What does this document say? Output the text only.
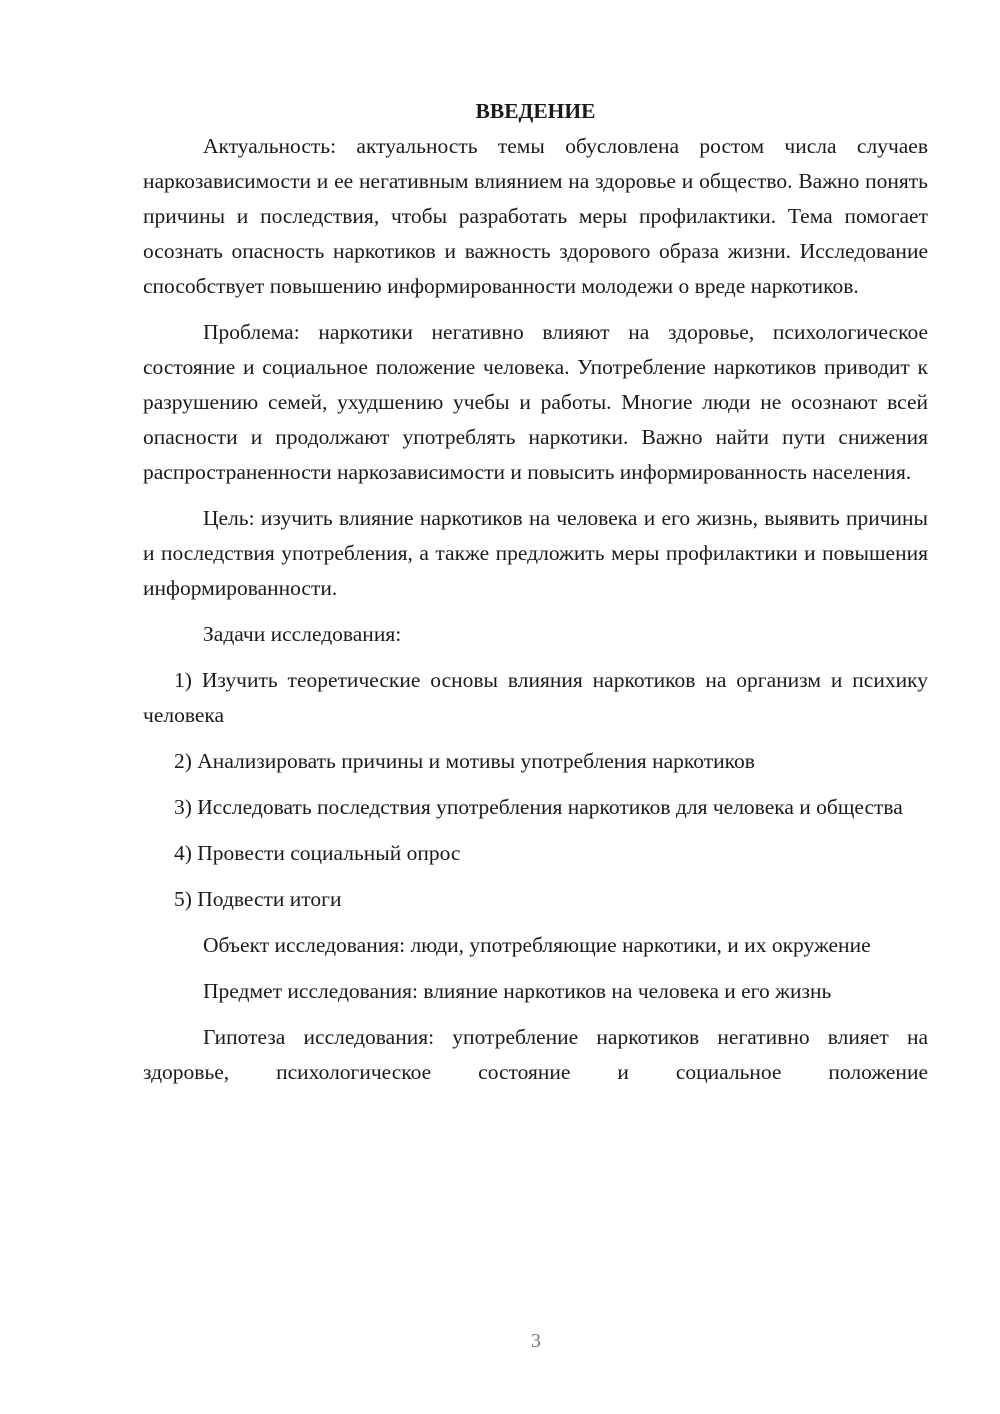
ВВЕДЕНИЕ

Актуальность: актуальность темы обусловлена ростом числа случаев наркозависимости и ее негативным влиянием на здоровье и общество. Важно понять причины и последствия, чтобы разработать меры профилактики. Тема помогает осознать опасность наркотиков и важность здорового образа жизни. Исследование способствует повышению информированности молодежи о вреде наркотиков.

Проблема: наркотики негативно влияют на здоровье, психологическое состояние и социальное положение человека. Употребление наркотиков приводит к разрушению семей, ухудшению учебы и работы. Многие люди не осознают всей опасности и продолжают употреблять наркотики. Важно найти пути снижения распространенности наркозависимости и повысить информированность населения.

Цель: изучить влияние наркотиков на человека и его жизнь, выявить причины и последствия употребления, а также предложить меры профилактики и повышения информированности.

Задачи исследования:

1) Изучить теоретические основы влияния наркотиков на организм и психику человека

2) Анализировать причины и мотивы употребления наркотиков

3) Исследовать последствия употребления наркотиков для человека и общества

4) Провести социальный опрос

5) Подвести итоги

Объект исследования: люди, употребляющие наркотики, и их окружение

Предмет исследования: влияние наркотиков на человека и его жизнь

Гипотеза исследования: употребление наркотиков негативно влияет на здоровье, психологическое состояние и социальное положение

3
